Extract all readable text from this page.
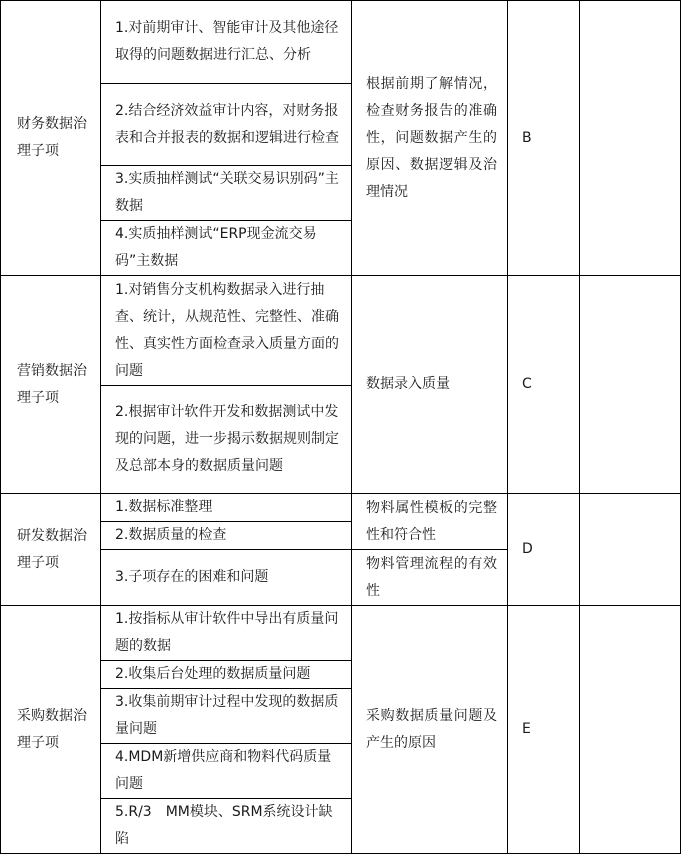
财务数据治理子项	1.对前期审计、智能审计及其他途径取得的问题数据进行汇总、分析	根据前期了解情况，检查财务报告的准确性，问题数据产生的原因、数据逻辑及治理情况	B	
	2.结合经济效益审计内容，对财务报表和合并报表的数据和逻辑进行检查			
	3.实质抽样测试“关联交易识别码”主数据			
	4.实质抽样测试“ERP现金流交易码”主数据			
营销数据治理子项	1.对销售分支机构数据录入进行抽查、统计，从规范性、完整性、准确性、真实性方面检查录入质量方面的问题	数据录入质量	C	
	2.根据审计软件开发和数据测试中发现的问题，进一步揭示数据规则制定及总部本身的数据质量问题			
研发数据治理子项	1.数据标准整理	物料属性模板的完整性和符合性	D	
	2.数据质量的检查			
	3.子项存在的困难和问题	物料管理流程的有效性		
采购数据治理子项	1.按指标从审计软件中导出有质量问题的数据	采购数据质量问题及产生的原因	E	
	2.收集后台处理的数据质量问题			
	3.收集前期审计过程中发现的数据质量问题			
	4.MDM新增供应商和物料代码质量问题			
	5.R/3　MM模块、SRM系统设计缺陷			
